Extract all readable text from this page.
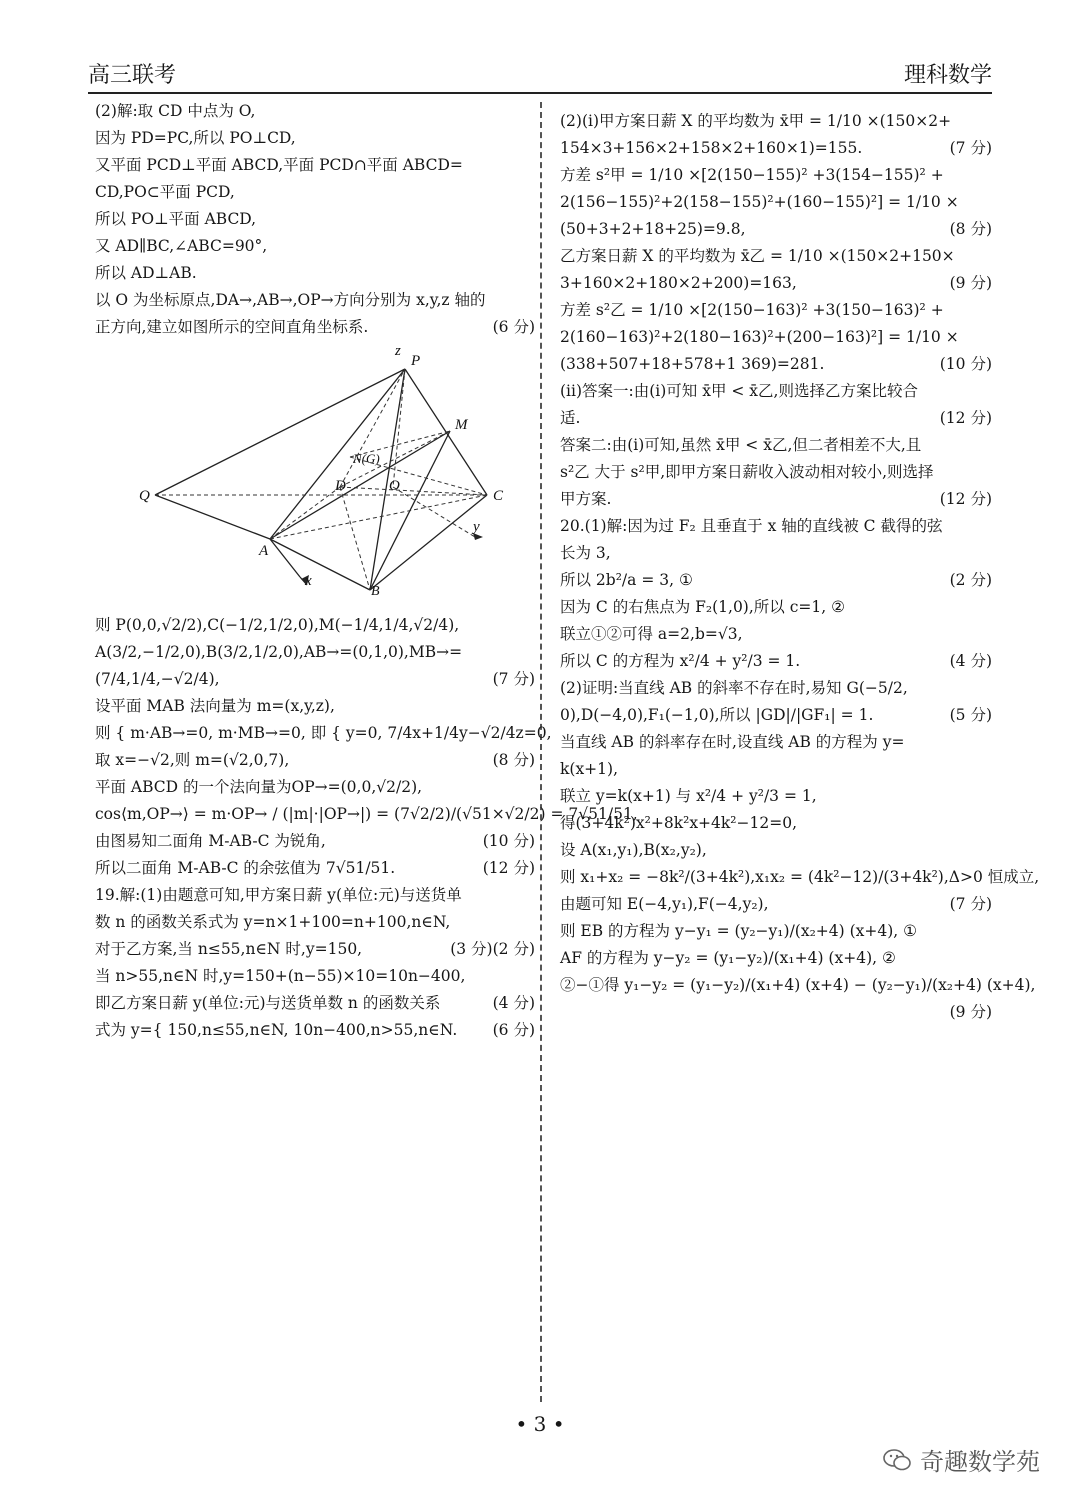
高三联考	理科数学
(2)解:取 CD 中点为 O,
因为 PD=PC,所以 PO⊥CD,
又平面 PCD⊥平面 ABCD,平面 PCD∩平面 ABCD=
CD,PO⊂平面 PCD,
所以 PO⊥平面 ABCD,
又 AD∥BC,∠ABC=90°,
所以 AD⊥AB.
以 O 为坐标原点,DA→,AB→,OP→方向分别为 x,y,z 轴的
正方向,建立如图所示的空间直角坐标系.	(6 分)
P
z
M
N(G)
D	O
Q	C
y
A
x
B
则 P(0,0,√2/2),C(−1/2,1/2,0),M(−1/4,1/4,√2/4),
A(3/2,−1/2,0),B(3/2,1/2,0),AB→=(0,1,0),MB→=
(7/4,1/4,−√2/4),	(7 分)
设平面 MAB 法向量为 m=(x,y,z),
则 { m·AB→=0, m·MB→=0, 即 { y=0, 7/4x+1/4y−√2/4z=0,
取 x=−√2,则 m=(√2,0,7),	(8 分)
平面 ABCD 的一个法向量为OP→=(0,0,√2/2),
cos⟨m,OP→⟩ = m·OP→ / (|m|·|OP→|) = (7√2/2)/(√51×√2/2) = 7√51/51,
(10 分)
由图易知二面角 M-AB-C 为锐角,
所以二面角 M-AB-C 的余弦值为 7√51/51.	(12 分)
19.解:(1)由题意可知,甲方案日薪 y(单位:元)与送货单
数 n 的函数关系式为 y=n×1+100=n+100,n∈N,
(2 分)
对于乙方案,当 n≤55,n∈N 时,y=150,	(3 分)
当 n>55,n∈N 时,y=150+(n−55)×10=10n−400,
(4 分)
即乙方案日薪 y(单位:元)与送货单数 n 的函数关系
式为 y={ 150,n≤55,n∈N, 10n−400,n>55,n∈N. (6 分)
(2)(i)甲方案日薪 X 的平均数为 x̄甲 = 1/10 ×(150×2+
154×3+156×2+158×2+160×1)=155.	(7 分)
方差 s²甲 = 1/10 ×[2(150−155)² +3(154−155)² +
2(156−155)²+2(158−155)²+(160−155)²] = 1/10 ×
(50+3+2+18+25)=9.8,	(8 分)
乙方案日薪 X 的平均数为 x̄乙 = 1/10 ×(150×2+150×
3+160×2+180×2+200)=163,	(9 分)
方差 s²乙 = 1/10 ×[2(150−163)² +3(150−163)² +
2(160−163)²+2(180−163)²+(200−163)²] = 1/10 ×
(338+507+18+578+1 369)=281.	(10 分)
(ii)答案一:由(i)可知 x̄甲 < x̄乙,则选择乙方案比较合
适.	(12 分)
答案二:由(i)可知,虽然 x̄甲 < x̄乙,但二者相差不大,且
s²乙 大于 s²甲,即甲方案日薪收入波动相对较小,则选择
甲方案.	(12 分)
20.(1)解:因为过 F₂ 且垂直于 x 轴的直线被 C 截得的弦
长为 3,
所以 2b²/a = 3, ①	(2 分)
因为 C 的右焦点为 F₂(1,0),所以 c=1, ②
联立①②可得 a=2,b=√3,
所以 C 的方程为 x²/4 + y²/3 = 1.	(4 分)
(2)证明:当直线 AB 的斜率不存在时,易知 G(−5/2,
0),D(−4,0),F₁(−1,0),所以 |GD|/|GF₁| = 1.	(5 分)
当直线 AB 的斜率存在时,设直线 AB 的方程为 y=
k(x+1),
联立 y=k(x+1) 与 x²/4 + y²/3 = 1,
得(3+4k²)x²+8k²x+4k²−12=0,
设 A(x₁,y₁),B(x₂,y₂),
则 x₁+x₂ = −8k²/(3+4k²),x₁x₂ = (4k²−12)/(3+4k²),Δ>0 恒成立,
(7 分)
由题可知 E(−4,y₁),F(−4,y₂),
则 EB 的方程为 y−y₁ = (y₂−y₁)/(x₂+4) (x+4), ①
AF 的方程为 y−y₂ = (y₁−y₂)/(x₁+4) (x+4), ②
②−①得 y₁−y₂ = (y₁−y₂)/(x₁+4) (x+4) − (y₂−y₁)/(x₂+4) (x+4),
(9 分)
• 3 •
奇趣数学苑
